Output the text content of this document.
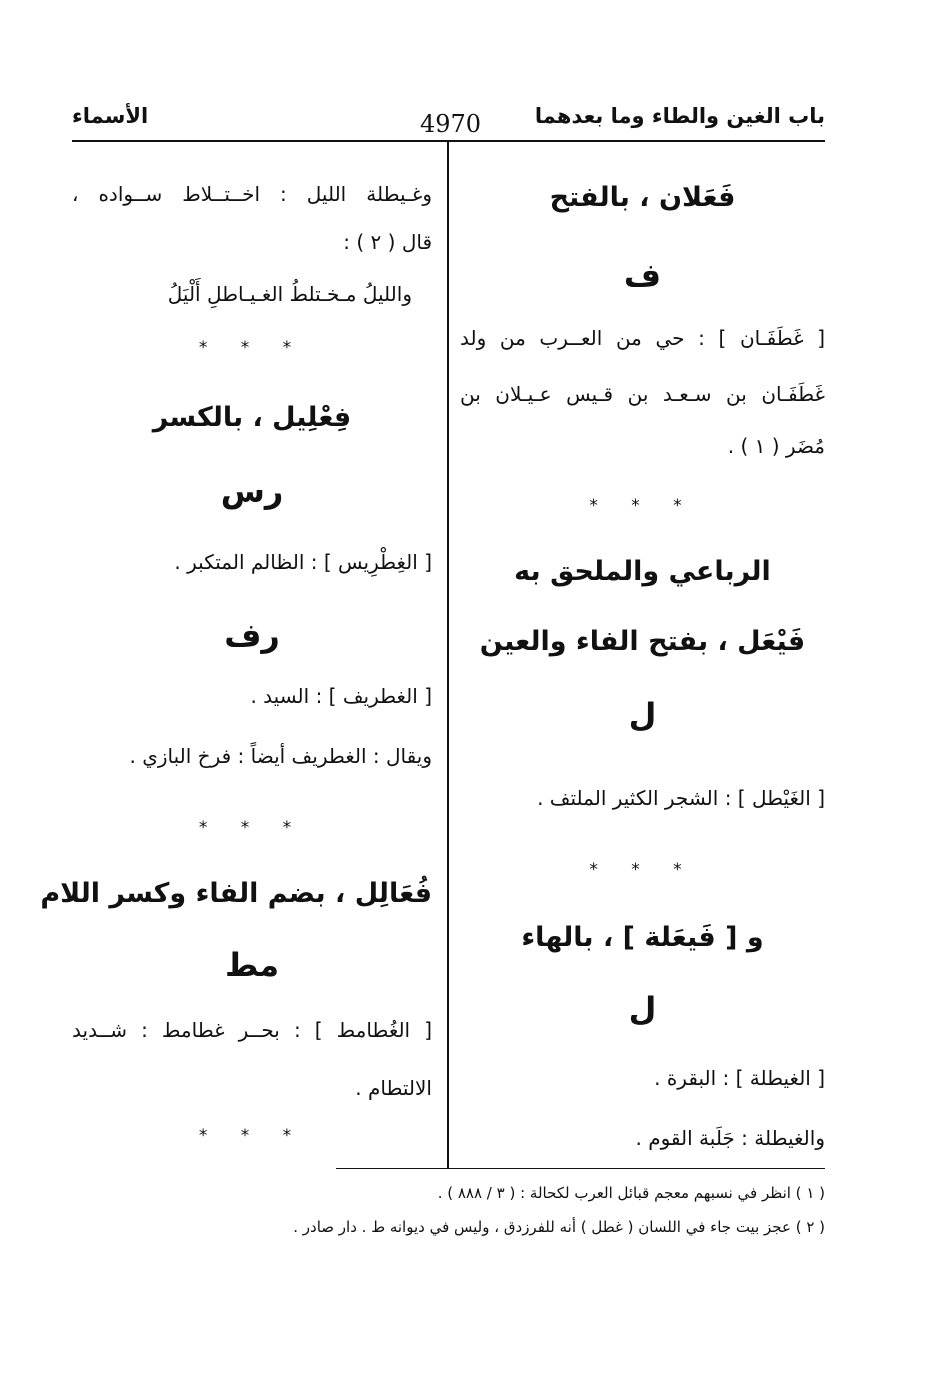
باب الغين والطاء وما بعدهما
4970
الأسماء
فَعَلان ، بالفتح
ف
[ غَطَفَـان ] : حي من العــرب من ولد
غَطَفَـان بن سـعـد بن قـيس عـيـلان بن
مُضَر ( ١ ) .
* * *
الرباعي والملحق به
فَيْعَل ، بفتح الفاء والعين
ل
[ الغَيْطل ] : الشجر الكثير الملتف .
* * *
و [ فَيعَلة ] ، بالهاء
ل
[ الغيطلة ] : البقرة .
والغيطلة : جَلَبة القوم .
وغـيطلة الليل : اخــتــلاط ســواده ،
قال ( ٢ ) :
والليلُ مـخـتلطُ الغـيـاطلِ أَلْيَلُ
* * *
فِعْلِيل ، بالكسر
رس
[ الغِطْرِيس ] : الظالم المتكبر .
رف
[ الغطريف ] : السيد .
ويقال : الغطريف أيضاً : فرخ البازي .
* * *
فُعَالِل ، بضم الفاء وكسر اللام
مط
[ الغُطامط ] : بحــر غطامط : شــديد
الالتطام .
* * *
( ١ ) انظر في نسبهم معجم قبائل العرب لكحالة : ( ٣ / ٨٨٨ ) .
( ٢ ) عجز بيت جاء في اللسان ( غطل ) أنه للفرزدق ، وليس في ديوانه ط . دار صادر .
